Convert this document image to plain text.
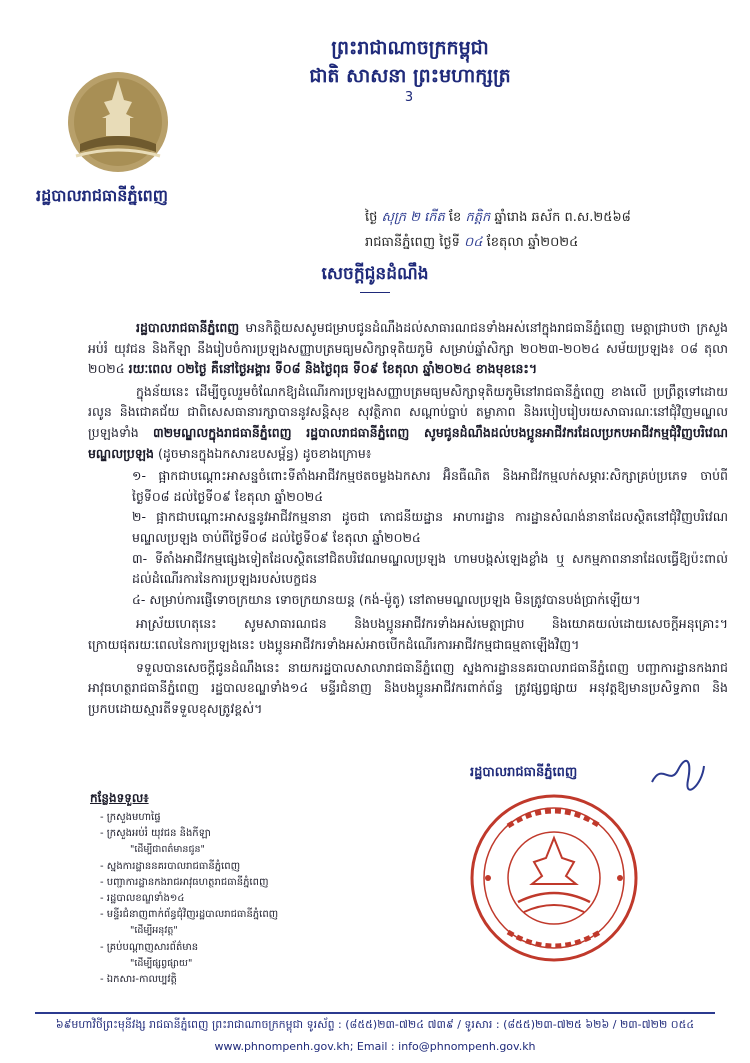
ព្រះរាជាណាចក្រកម្ពុជា
ជាតិ សាសនា ព្រះមហាក្សត្រ
3
រដ្ឋបាលរាជធានីភ្នំពេញ
ថ្ងៃ សុក្រ ២ កើត ខែ កត្ដិក ឆ្នាំរោង ឆស័ក ព.ស.២៥៦៨
រាជធានីភ្នំពេញ ថ្ងៃទី ០៤ ខែតុលា ឆ្នាំ២០២៤
សេចក្ដីជូនដំណឹង

រដ្ឋបាលរាជធានីភ្នំពេញ មានកិត្តិយសសូមជម្រាបជូនដំណឹងដល់សាធារណជនទាំងអស់នៅក្នុងរាជធានីភ្នំពេញ មេត្តាជ្រាបថា ក្រសួងអប់រំ យុវជន និងកីឡា នឹងរៀបចំការប្រឡងសញ្ញាបត្រមធ្យមសិក្សាទុតិយភូមិ សម្រាប់ឆ្នាំសិក្សា ២០២៣-២០២៤ សម័យប្រឡង៖ ០៨ តុលា ២០២៤ រយៈពេល ០២ថ្ងៃ គឺនៅថ្ងៃអង្គារ ទី០៨ និងថ្ងៃពុធ ទី០៩ ខែតុលា ឆ្នាំ២០២៤ ខាងមុខនេះ។

ក្នុងន័យនេះ ដើម្បីចូលរួមចំណែកឱ្យដំណើរការប្រឡងសញ្ញាបត្រមធ្យមសិក្សាទុតិយភូមិនៅរាជធានីភ្នំពេញ ខាងលើ ប្រព្រឹត្តទៅដោយរលូន និងជោគជ័យ ជាពិសេសធានារក្សាបាននូវសន្តិសុខ សុវត្ថិភាព សណ្ដាប់ធ្នាប់ តម្លាភាព និងរបៀបរៀបរយសាធារណៈនៅជុំវិញមណ្ឌលប្រឡងទាំង ៣២មណ្ឌលក្នុងរាជធានីភ្នំពេញ រដ្ឋបាលរាជធានីភ្នំពេញ សូមជូនដំណឹងដល់បងប្អូនអាជីវករដែលប្រកបអាជីវកម្មជុំវិញបរិវេណមណ្ឌលប្រឡង (ដូចមានក្នុងឯកសារឧបសម្ព័ន្ធ) ដូចខាងក្រោម៖

១- ផ្អាកជាបណ្ដោះអាសន្នចំពោះទីតាំងអាជីវកម្មថតចម្លងឯកសារ អ៊ិនធឺណិត និងអាជីវកម្មលក់សម្ភារៈសិក្សាគ្រប់ប្រភេទ ចាប់ពីថ្ងៃទី០៨ ដល់ថ្ងៃទី០៩ ខែតុលា ឆ្នាំ២០២៤
២- ផ្អាកជាបណ្ដោះអាសន្ននូវអាជីវកម្មនានា ដូចជា ភោជនីយដ្ឋាន អាហារដ្ឋាន ការដ្ឋានសំណង់នានាដែលស្ថិតនៅជុំវិញបរិវេណមណ្ឌលប្រឡង ចាប់ពីថ្ងៃទី០៨ ដល់ថ្ងៃទី០៩ ខែតុលា ឆ្នាំ២០២៤
៣- ទីតាំងអាជីវកម្មផ្សេងទៀតដែលស្ថិតនៅជិតបរិវេណមណ្ឌលប្រឡង ហាមបង្កស់ឡេងខ្លាំង ឬ សកម្មភាពនានាដែលធ្វើឱ្យប៉ះពាល់ដល់ដំណើរការនៃការប្រឡងរបស់បេក្ខជន
៤- សម្រាប់ការផ្ញើទោចក្រយាន ទោចក្រយានយន្ត (កង់-ម៉ូតូ) នៅតាមមណ្ឌលប្រឡង មិនត្រូវបានបង់ប្រាក់ឡើយ។

អាស្រ័យហេតុនេះ សូមសាធារណជន និងបងប្អូនអាជីវករទាំងអស់មេត្តាជ្រាប និងយោគយល់ដោយសេចក្ដីអនុគ្រោះ។ ក្រោយផុតរយៈពេលនៃការប្រឡងនេះ បងប្អូនអាជីវករទាំងអស់អាចបើកដំណើរការអាជីវកម្មជាធម្មតាឡើងវិញ។

ទទួលបានសេចក្ដីជូនដំណឹងនេះ នាយករដ្ឋបាលសាលារាជធានីភ្នំពេញ ស្នងការដ្ឋាននគរបាលរាជធានីភ្នំពេញ បញ្ជាការដ្ឋានកងរាជអាវុធហត្ថរាជធានីភ្នំពេញ រដ្ឋបាលខណ្ឌទាំង១៤ មន្ទីរជំនាញ និងបងប្អូនអាជីវករពាក់ព័ន្ធ ត្រូវផ្សព្វផ្សាយ អនុវត្តឱ្យមានប្រសិទ្ធភាព និងប្រកបដោយស្មារតីទទួលខុសត្រូវខ្ពស់។

រដ្ឋបាលរាជធានីភ្នំពេញ
កន្លែងទទួល៖
- ក្រសួងមហាផ្ទៃ
- ក្រសួងអប់រំ យុវជន និងកីឡា
"ដើម្បីជាពត៌មានជូន"
- ស្នងការដ្ឋាននគរបាលរាជធានីភ្នំពេញ
- បញ្ជាការដ្ឋានកងរាជអាវុធហត្ថរាជធានីភ្នំពេញ
- រដ្ឋបាលខណ្ឌទាំង១៤
- មន្ទីរជំនាញពាក់ព័ន្ធជុំវិញរដ្ឋបាលរាជធានីភ្នំពេញ
"ដើម្បីអនុវត្ត"
- គ្រប់បណ្ដាញសារព័ត៌មាន
"ដើម្បីផ្សព្វផ្សាយ"
- ឯកសារ-កាលប្បវត្តិ
៦៩មហាវិថីព្រះមុនីវង្ស រាជធានីភ្នំពេញ ព្រះរាជាណាចក្រកម្ពុជា ទូរស័ព្ទ : (៨៥៥)២៣-៧២៤ ៧៣៩ / ទូរសារ : (៨៥៥)២៣-៧២៥ ៦២៦ / ២៣-៧២២ ០៥៤
www.phnompenh.gov.kh; Email : info@phnompenh.gov.kh
